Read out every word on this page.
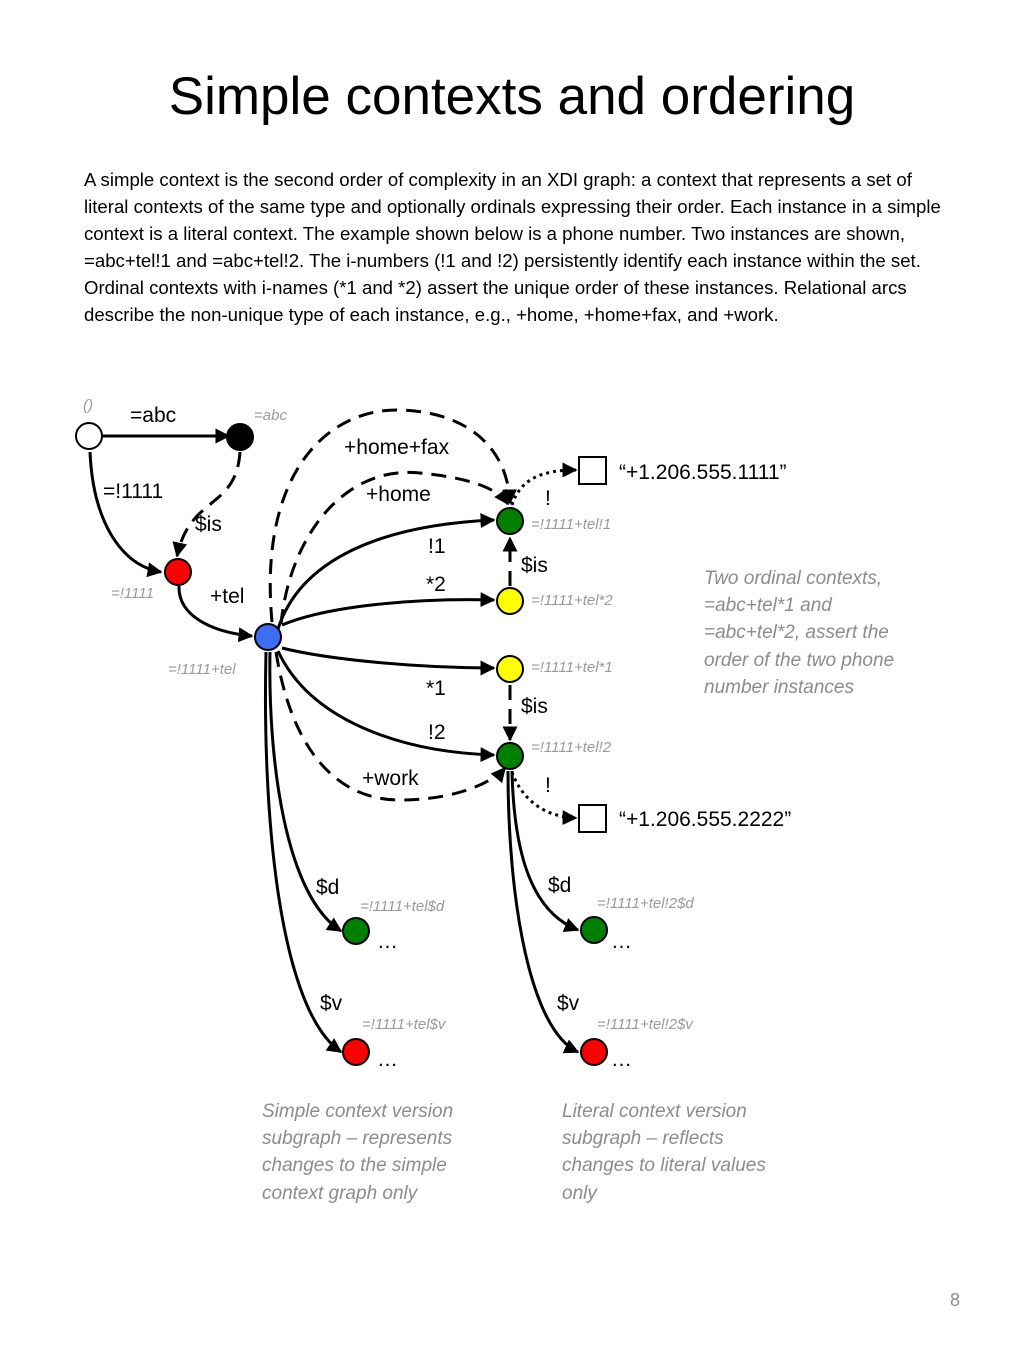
Simple contexts and ordering

A simple context is the second order of complexity in an XDI graph: a context that represents a set of literal contexts of the same type and optionally ordinals expressing their order. Each instance in a simple context is a literal context. The example shown below is a phone number. Two instances are shown, =abc+tel!1 and =abc+tel!2. The i-numbers (!1 and !2) persistently identify each instance within the set. Ordinal contexts with i-names (*1 and *2) assert the unique order of these instances. Relational arcs describe the non-unique type of each instance, e.g., +home, +home+fax, and +work.

()
=abc
=!1111
=!1111+tel
=!1111+tel!1
=!1111+tel*2
=!1111+tel*1
=!1111+tel!2
=!1111+tel$d
=!1111+tel$v
=!1111+tel!2$d
=!1111+tel!2$v
=abc
=!1111
$is
+tel
+home+fax
+home
!1
*2
*1
!2
+work
$is
$is
!
!
$d
$v
$d
$v
“+1.206.555.1111”
“+1.206.555.2222”
…
…
…
…
Two ordinal contexts, =abc+tel*1 and =abc+tel*2, assert the order of the two phone number instances
Simple context version subgraph – represents changes to the simple context graph only
Literal context version subgraph – reflects changes to literal values only
8
